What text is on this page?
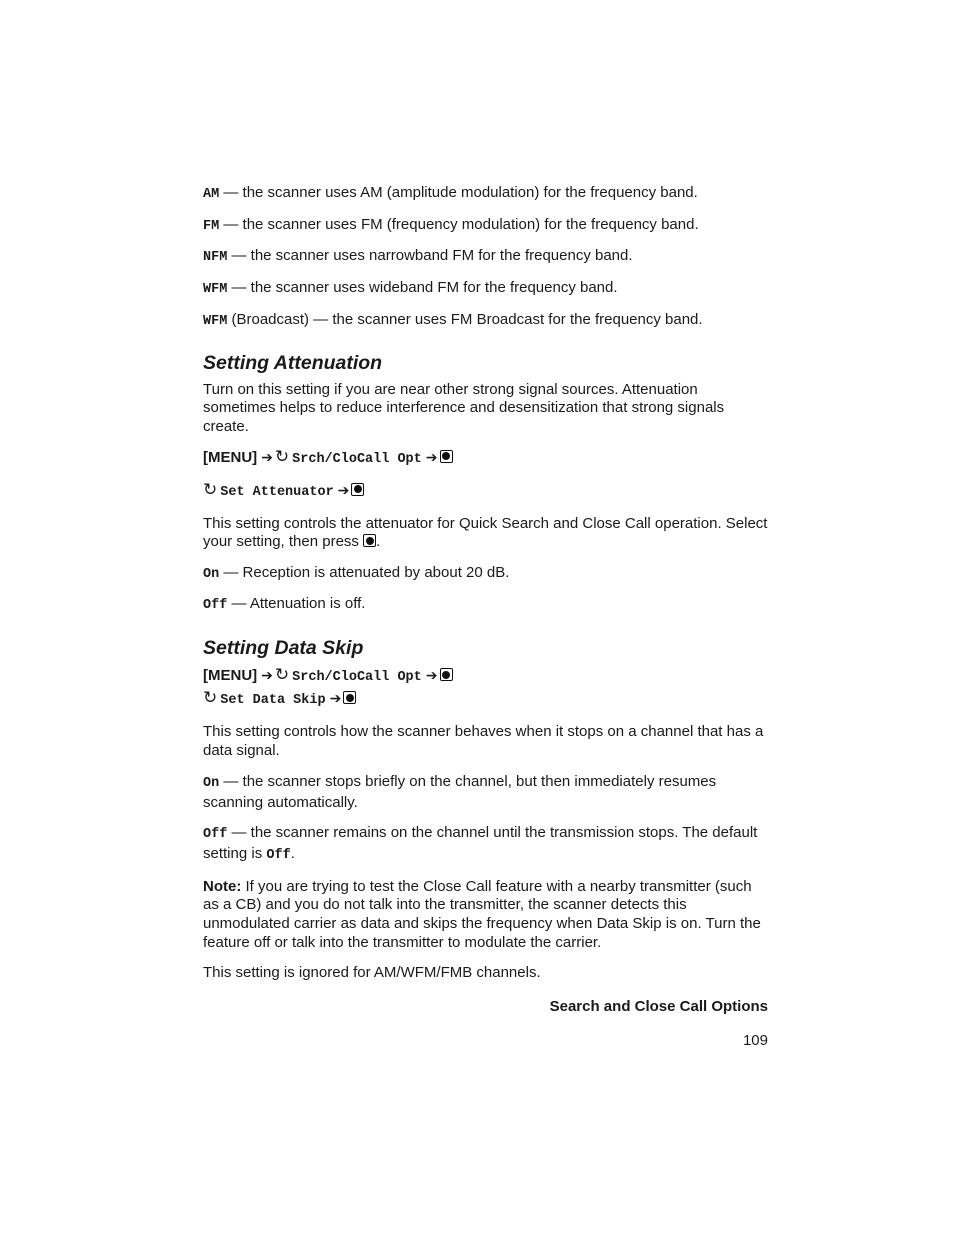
AM — the scanner uses AM (amplitude modulation) for the frequency band.

FM — the scanner uses FM (frequency modulation) for the frequency band.

NFM — the scanner uses narrowband FM for the frequency band.

WFM — the scanner uses wideband FM for the frequency band.

WFM (Broadcast) — the scanner uses FM Broadcast for the frequency band.

Setting Attenuation

Turn on this setting if you are near other strong signal sources. Attenuation sometimes helps to reduce interference and desensitization that strong signals create.

[MENU] ➔ ↻ Srch/CloCall Opt ➔
↻ Set Attenuator ➔

This setting controls the attenuator for Quick Search and Close Call operation. Select your setting, then press .

On — Reception is attenuated by about 20 dB.

Off — Attenuation is off.

Setting Data Skip
[MENU] ➔ ↻ Srch/CloCall Opt ➔
↻ Set Data Skip ➔

This setting controls how the scanner behaves when it stops on a channel that has a data signal.

On — the scanner stops briefly on the channel, but then immediately resumes scanning automatically.

Off — the scanner remains on the channel until the transmission stops. The default setting is Off.

Note: If you are trying to test the Close Call feature with a nearby transmitter (such as a CB) and you do not talk into the transmitter, the scanner detects this unmodulated carrier as data and skips the frequency when Data Skip is on. Turn the feature off or talk into the transmitter to modulate the carrier.

This setting is ignored for AM/WFM/FMB channels.

Search and Close Call Options
109
